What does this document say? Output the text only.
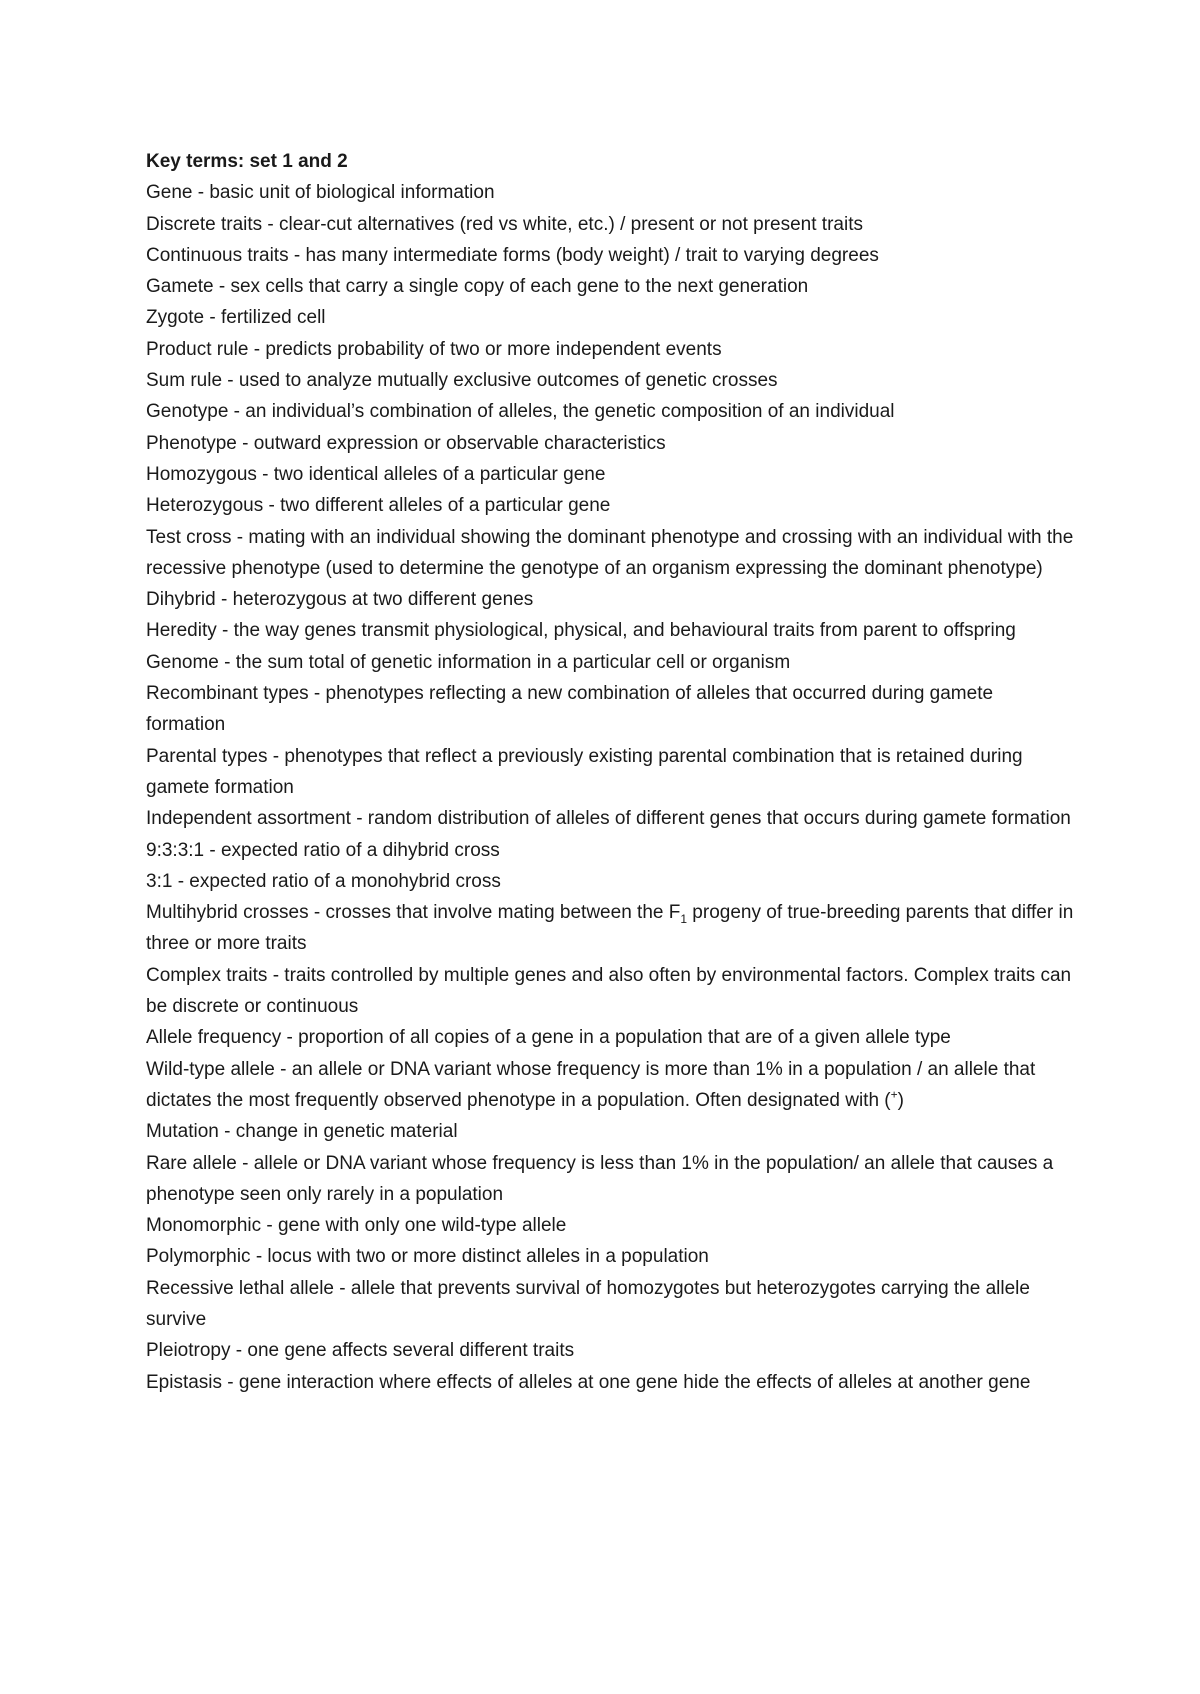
Key terms: set 1 and 2
Gene - basic unit of biological information
Discrete traits - clear-cut alternatives (red vs white, etc.) / present or not present traits
Continuous traits - has many intermediate forms (body weight) / trait to varying degrees
Gamete - sex cells that carry a single copy of each gene to the next generation
Zygote - fertilized cell
Product rule - predicts probability of two or more independent events
Sum rule - used to analyze mutually exclusive outcomes of genetic crosses
Genotype - an individual’s combination of alleles, the genetic composition of an individual
Phenotype - outward expression or observable characteristics
Homozygous - two identical alleles of a particular gene
Heterozygous - two different alleles of a particular gene
Test cross - mating with an individual showing the dominant phenotype and crossing with an individual with the recessive phenotype (used to determine the genotype of an organism expressing the dominant phenotype)
Dihybrid - heterozygous at two different genes
Heredity - the way genes transmit physiological, physical, and behavioural traits from parent to offspring
Genome - the sum total of genetic information in a particular cell or organism
Recombinant types - phenotypes reflecting a new combination of alleles that occurred during gamete formation
Parental types - phenotypes that reflect a previously existing parental combination that is retained during gamete formation
Independent assortment - random distribution of alleles of different genes that occurs during gamete formation
9:3:3:1 - expected ratio of a dihybrid cross
3:1 - expected ratio of a monohybrid cross
Multihybrid crosses - crosses that involve mating between the $F_1$ progeny of true-breeding parents that differ in three or more traits
Complex traits - traits controlled by multiple genes and also often by environmental factors. Complex traits can be discrete or continuous
Allele frequency - proportion of all copies of a gene in a population that are of a given allele type
Wild-type allele - an allele or DNA variant whose frequency is more than 1% in a population / an allele that dictates the most frequently observed phenotype in a population. Often designated with (+)
Mutation - change in genetic material
Rare allele - allele or DNA variant whose frequency is less than 1% in the population/ an allele that causes a phenotype seen only rarely in a population
Monomorphic - gene with only one wild-type allele
Polymorphic - locus with two or more distinct alleles in a population
Recessive lethal allele - allele that prevents survival of homozygotes but heterozygotes carrying the allele survive
Pleiotropy - one gene affects several different traits
Epistasis - gene interaction where effects of alleles at one gene hide the effects of alleles at another gene
